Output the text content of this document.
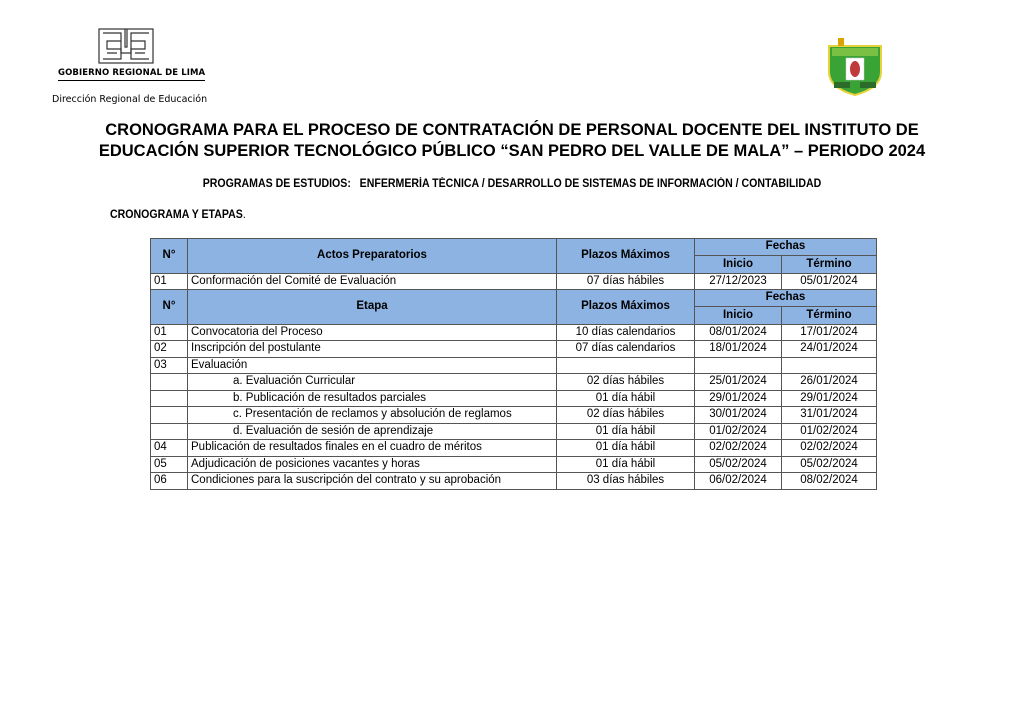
GOBIERNO REGIONAL DE LIMA
Dirección Regional de Educación
CRONOGRAMA PARA EL PROCESO DE CONTRATACIÓN DE PERSONAL DOCENTE DEL INSTITUTO DE
EDUCACIÓN SUPERIOR TECNOLÓGICO PÚBLICO “SAN PEDRO DEL VALLE DE MALA” – PERIODO 2024
PROGRAMAS DE ESTUDIOS:   ENFERMERÍA TÉCNICA / DESARROLLO DE SISTEMAS DE INFORMACIÓN / CONTABILIDAD
CRONOGRAMA Y ETAPAS.
N°	Actos Preparatorios	Plazos Máximos	Fechas	
			Inicio	Término
01	Conformación del Comité de Evaluación	07 días hábiles	27/12/2023	05/01/2024
N°	Etapa	Plazos Máximos	Fechas	
			Inicio	Término
01	Convocatoria del Proceso	10 días calendarios	08/01/2024	17/01/2024
02	Inscripción del postulante	07 días calendarios	18/01/2024	24/01/2024
03	Evaluación			
	a. Evaluación Curricular	02 días hábiles	25/01/2024	26/01/2024
	b. Publicación de resultados parciales	01 día hábil	29/01/2024	29/01/2024
	c. Presentación de reclamos y absolución de reglamos	02 días hábiles	30/01/2024	31/01/2024
	d. Evaluación de sesión de aprendizaje	01 día hábil	01/02/2024	01/02/2024
04	Publicación de resultados finales en el cuadro de méritos	01 día hábil	02/02/2024	02/02/2024
05	Adjudicación de posiciones vacantes y horas	01 día hábil	05/02/2024	05/02/2024
06	Condiciones para la suscripción del contrato y su aprobación	03 días hábiles	06/02/2024	08/02/2024
